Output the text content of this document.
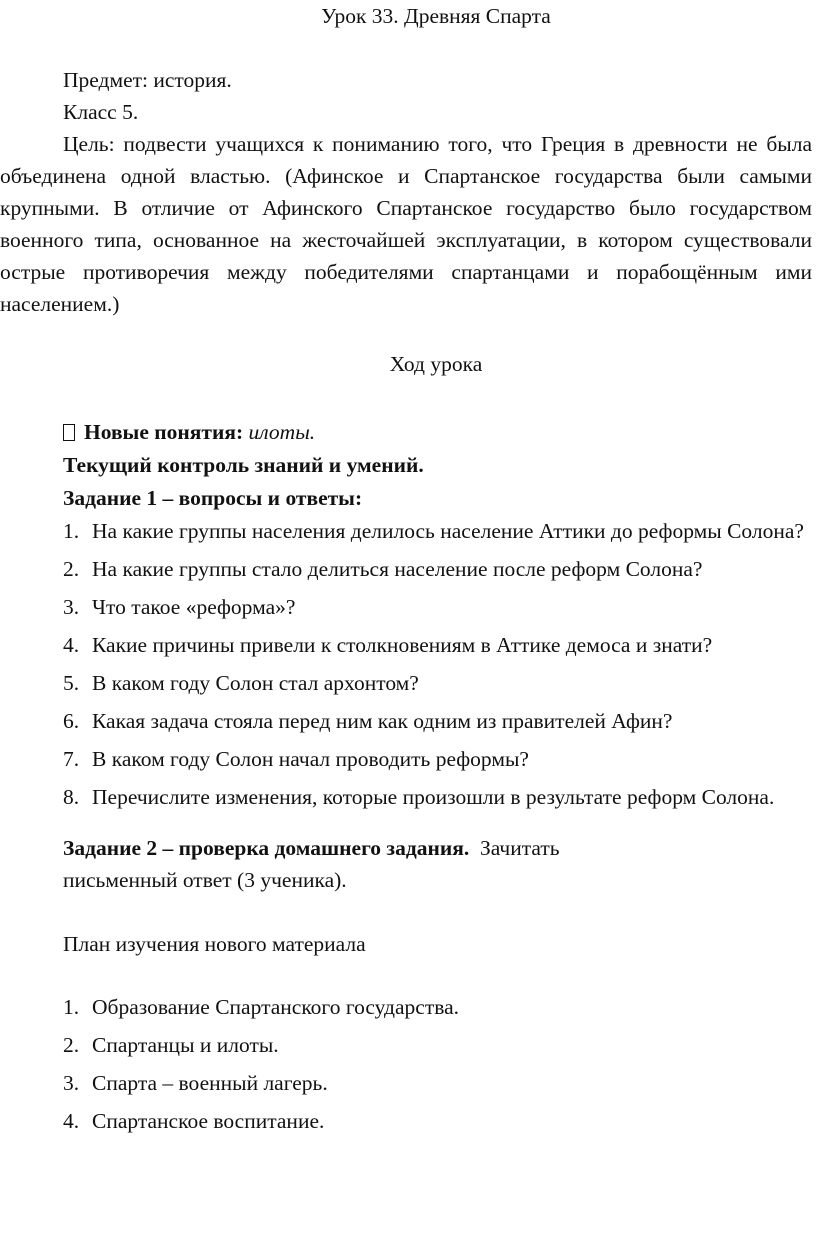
Урок 33. Древняя Спарта

Предмет: история.

Класс 5.

Цель: подвести учащихся к пониманию того, что Греция в древности не была объединена одной властью. (Афинское и Спартанское государства были самыми крупными. В отличие от Афинского Спартанское государство было государством военного типа, основанное на жесточайшей эксплуатации, в котором существовали острые противоречия между победителями спартанцами и порабощённым ими населением.)

Ход урока

Новые понятия: илоты.

Текущий контроль знаний и умений.

Задание 1 – вопросы и ответы:

1. На какие группы населения делилось население Аттики до реформы Солона?
2. На какие группы стало делиться население после реформ Солона?
3. Что такое «реформа»?
4. Какие причины привели к столкновениям в Аттике демоса и знати?
5. В каком году Солон стал архонтом?
6. Какая задача стояла перед ним как одним из правителей Афин?
7. В каком году Солон начал проводить реформы?
8. Перечислите изменения, которые произошли в результате реформ Солона.

Задание 2 – проверка домашнего задания. Зачитать

письменный ответ (3 ученика).

План изучения нового материала

1. Образование Спартанского государства.
2. Спартанцы и илоты.
3. Спарта – военный лагерь.
4. Спартанское воспитание.
